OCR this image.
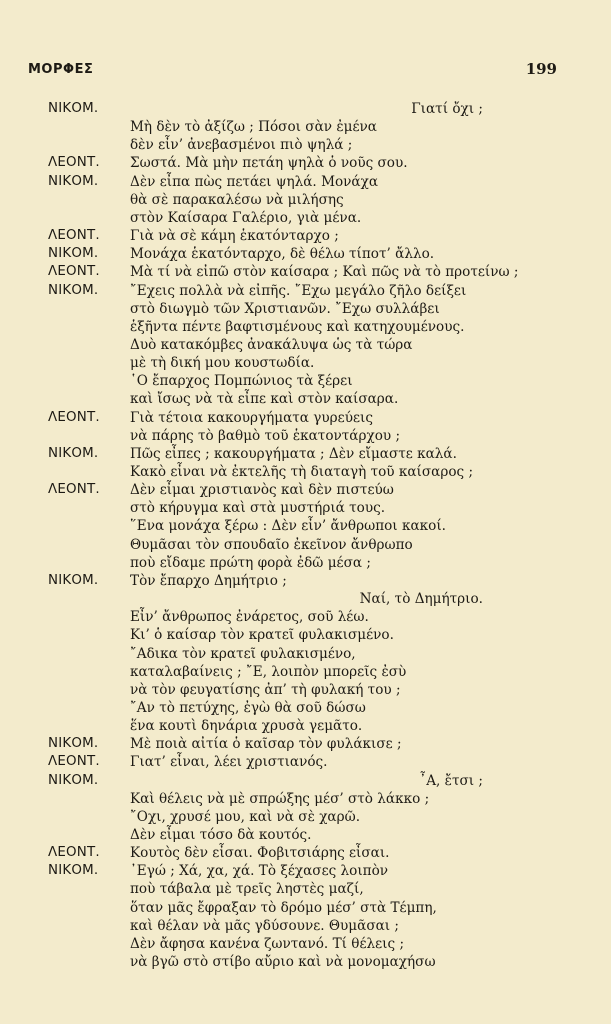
ΜΟΡΦΕΣ	199
ΝΙΚΟΜ.	Γιατί ὄχι ;
Μὴ δὲν τὸ ἀξίζω ; Πόσοι σὰν ἐμένα
δὲν εἶν’ ἀνεβασμένοι πιὸ ψηλά ;
ΛΕΟΝΤ. Σωστά. Μὰ μὴν πετάη ψηλὰ ὁ νοῦς σου.
ΝΙΚΟΜ. Δὲν εἶπα πὼς πετάει ψηλά. Μονάχα
θὰ σὲ παρακαλέσω νὰ μιλήσης
στὸν Καίσαρα Γαλέριο, γιὰ μένα.
ΛΕΟΝΤ. Γιὰ νὰ σὲ κάμη ἑκατόνταρχο ;
ΝΙΚΟΜ. Μονάχα ἑκατόνταρχο, δὲ θέλω τίποτ’ ἄλλο.
ΛΕΟΝΤ. Μὰ τί νὰ εἰπῶ στὸν καίσαρα ; Καὶ πῶς νὰ τὸ προτείνω ;
ΝΙΚΟΜ. ῎Εχεις πολλὰ νὰ εἰπῆς. ῎Εχω μεγάλο ζῆλο δείξει
στὸ διωγμὸ τῶν Χριστιανῶν. ῎Εχω συλλάβει
ἑξῆντα πέντε βαφτισμένους καὶ κατηχουμένους.
Δυὸ κατακόμβες ἀνακάλυψα ὡς τὰ τώρα
μὲ τὴ δική μου κουστωδία.
῾Ο ἔπαρχος Πομπώνιος τὰ ξέρει
καὶ ἴσως νὰ τὰ εἶπε καὶ στὸν καίσαρα.
ΛΕΟΝΤ. Γιὰ τέτοια κακουργήματα γυρεύεις
νὰ πάρης τὸ βαθμὸ τοῦ ἑκατοντάρχου ;
ΝΙΚΟΜ. Πῶς εἶπες ; κακουργήματα ; Δὲν εἴμαστε καλά.
Κακὸ εἶναι νὰ ἐκτελῆς τὴ διαταγὴ τοῦ καίσαρος ;
ΛΕΟΝΤ. Δὲν εἶμαι χριστιανὸς καὶ δὲν πιστεύω
στὸ κήρυγμα καὶ στὰ μυστήριά τους.
῞Ενα μονάχα ξέρω : Δὲν εἶν’ ἄνθρωποι κακοί.
Θυμᾶσαι τὸν σπουδαῖο ἐκεῖνον ἄνθρωπο
ποὺ εἴδαμε πρώτη φορὰ ἐδῶ μέσα ;
ΝΙΚΟΜ. Τὸν ἔπαρχο Δημήτριο ;
Ναί, τὸ Δημήτριο.
Εἶν’ ἄνθρωπος ἐνάρετος, σοῦ λέω.
Κι’ ὁ καίσαρ τὸν κρατεῖ φυλακισμένο.
῎Αδικα τὸν κρατεῖ φυλακισμένο,
καταλαβαίνεις ; ῎Ε, λοιπὸν μπορεῖς ἐσὺ
νὰ τὸν φευγατίσης ἀπ’ τὴ φυλακή του ;
῎Αν τὸ πετύχης, ἐγὼ θὰ σοῦ δώσω
ἕνα κουτὶ δηνάρια χρυσὰ γεμᾶτο.
ΝΙΚΟΜ. Μὲ ποιὰ αἰτία ὁ καῖσαρ τὸν φυλάκισε ;
ΛΕΟΝΤ. Γιατ’ εἶναι, λέει χριστιανός.
ΝΙΚΟΜ.	῏Α, ἔτσι ;
Καὶ θέλεις νὰ μὲ σπρώξης μέσ’ στὸ λάκκο ;
῎Οχι, χρυσέ μου, καὶ νὰ σὲ χαρῶ.
Δὲν εἶμαι τόσο δὰ κουτός.
ΛΕΟΝΤ. Κουτὸς δὲν εἶσαι. Φοβιτσιάρης εἶσαι.
ΝΙΚΟΜ. ᾿Εγώ ; Χά, χα, χά. Τὸ ξέχασες λοιπὸν
ποὺ τάβαλα μὲ τρεῖς ληστὲς μαζί,
ὅταν μᾶς ἔφραξαν τὸ δρόμο μέσ’ στὰ Τέμπη,
καὶ θέλαν νὰ μᾶς γδύσουνε. Θυμᾶσαι ;
Δὲν ἄφησα κανένα ζωντανό. Τί θέλεις ;
νὰ βγῶ στὸ στίβο αὔριο καὶ νὰ μονομαχήσω
